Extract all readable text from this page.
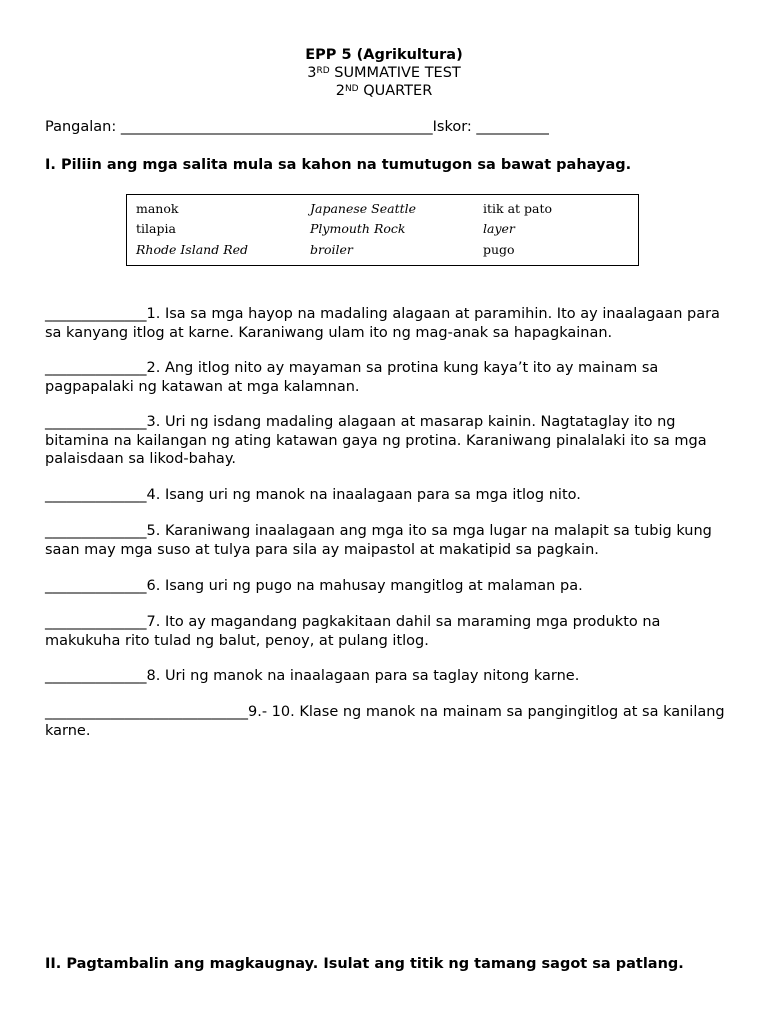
EPP 5 (Agrikultura)
3RD SUMMATIVE TEST
2ND QUARTER
Pangalan: ___________________________________________Iskor: __________
I. Piliin ang mga salita mula sa kahon na tumutugon sa bawat pahayag.
manok	Japanese Seattle	itik at pato
tilapia	Plymouth Rock	layer
Rhode Island Red	broiler	pugo
______________1. Isa sa mga hayop na madaling alagaan at paramihin. Ito ay inaalagaan para sa kanyang itlog at karne. Karaniwang ulam ito ng mag-anak sa hapagkainan.
______________2. Ang itlog nito ay mayaman sa protina kung kaya’t ito ay mainam sa pagpapalaki ng katawan at mga kalamnan.
______________3. Uri ng isdang madaling alagaan at masarap kainin. Nagtataglay ito ng bitamina na kailangan ng ating katawan gaya ng protina. Karaniwang pinalalaki ito sa mga palaisdaan sa likod-bahay.
______________4. Isang uri ng manok na inaalagaan para sa mga itlog nito.
______________5. Karaniwang inaalagaan ang mga ito sa mga lugar na malapit sa tubig kung saan may mga suso at tulya para sila ay maipastol at makatipid sa pagkain.
______________6. Isang uri ng pugo na mahusay mangitlog at malaman pa.
______________7. Ito ay magandang pagkakitaan dahil sa maraming mga produkto na makukuha rito tulad ng balut, penoy, at pulang itlog.
______________8. Uri ng manok na inaalagaan para sa taglay nitong karne.
____________________________9.- 10. Klase ng manok na mainam sa pangingitlog at sa kanilang karne.
II. Pagtambalin ang magkaugnay. Isulat ang titik ng tamang sagot sa patlang.
